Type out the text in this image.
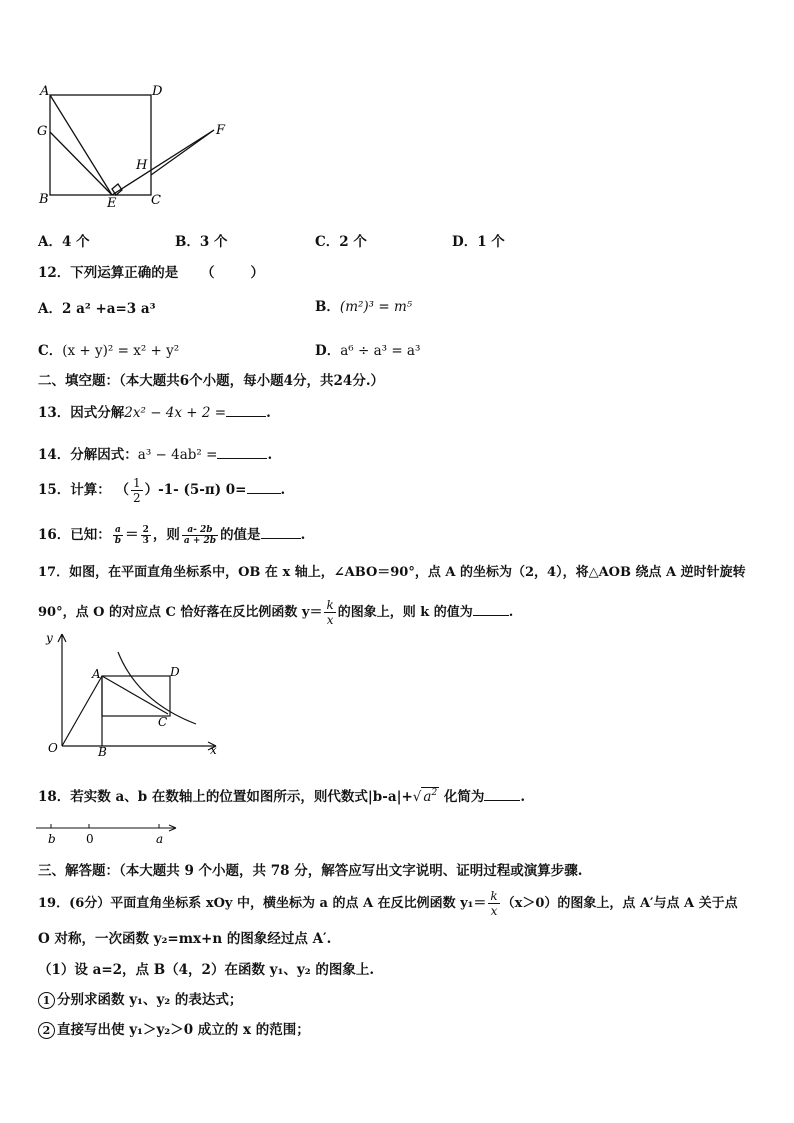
A	D
G	F
H
B	E	C
A．4 个	B．3 个	C．2 个	D．1 个
12．下列运算正确的是 （	）
A．2 a² +a=3 a³	B．(m²)³ = m⁵
C．(x + y)² = x² + y²	D．a⁶ ÷ a³ = a³
二、填空题：（本大题共6个小题，每小题4分，共24分.）
13．因式分解2x² − 4x + 2 =	.
14．分解因式：a³ − 4ab² =	.
15．计算： （ $\frac{1}{2} )-1-$ (5-π) 0=	.
16．已知： $\frac{a}{b} = \frac{2}{3}$ ，则 $\frac{a- 2b}{a + 2b}$ 的值是	.
17．如图，在平面直角坐标系中，OB 在 x 轴上，∠ABO＝90°，点 A 的坐标为（2，4），将△AOB 绕点 A 逆时针旋转
90°，点 O 的对应点 C 恰好落在反比例函数 $y= \frac{k}{x}$ 的图象上，则 k 的值为	.
y
A	D
C
O	B	x
18．若实数 a、b 在数轴上的位置如图所示，则代数式|b-a|+√ $a^2$ 化简为	.
b	0	a
三、解答题：（本大题共 9 个小题，共 78 分，解答应写出文字说明、证明过程或演算步骤.
19．(6分）平面直角坐标系 xOy 中，横坐标为 a 的点 A 在反比例函数 $y_1= \frac{k}{x} (x>0)$的图象上，点 A′与点 A 关于点
O 对称，一次函数 y₂=mx+n 的图象经过点 A′.
（1）设 a=2，点 B（4，2）在函数 y₁、y₂ 的图象上.
1 分别求函数 y₁、y₂ 的表达式；
2 直接写出使 y₁＞y₂＞0 成立的 x 的范围；
